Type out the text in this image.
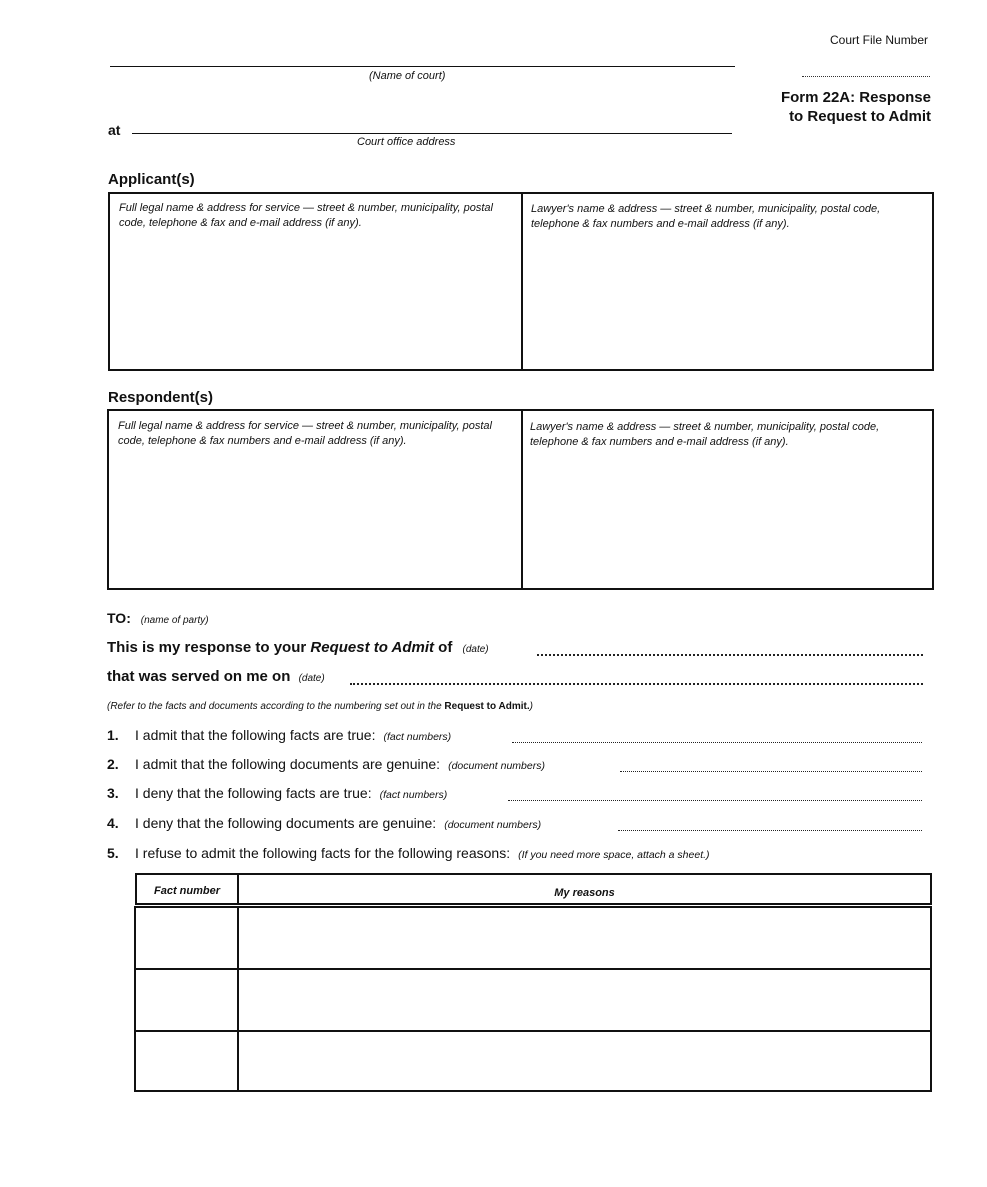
Court File Number
(Name of court)
at
Court office address
Form 22A: Response
to Request to Admit
Applicant(s)
Full legal name & address for service — street & number, municipality, postal code, telephone & fax and e-mail address (if any).
Lawyer's name & address — street & number, municipality, postal code, telephone & fax numbers and e-mail address (if any).
Respondent(s)
Full legal name & address for service — street & number, municipality, postal code, telephone & fax numbers and e-mail address (if any).
Lawyer's name & address — street & number, municipality, postal code, telephone & fax numbers and e-mail address (if any).
TO: (name of party)
This is my response to your Request to Admit of (date)
that was served on me on (date)
(Refer to the facts and documents according to the numbering set out in the Request to Admit.)
1. I admit that the following facts are true: (fact numbers)
2. I admit that the following documents are genuine: (document numbers)
3. I deny that the following facts are true: (fact numbers)
4. I deny that the following documents are genuine: (document numbers)
5. I refuse to admit the following facts for the following reasons: (If you need more space, attach a sheet.)
Fact number	My reasons
